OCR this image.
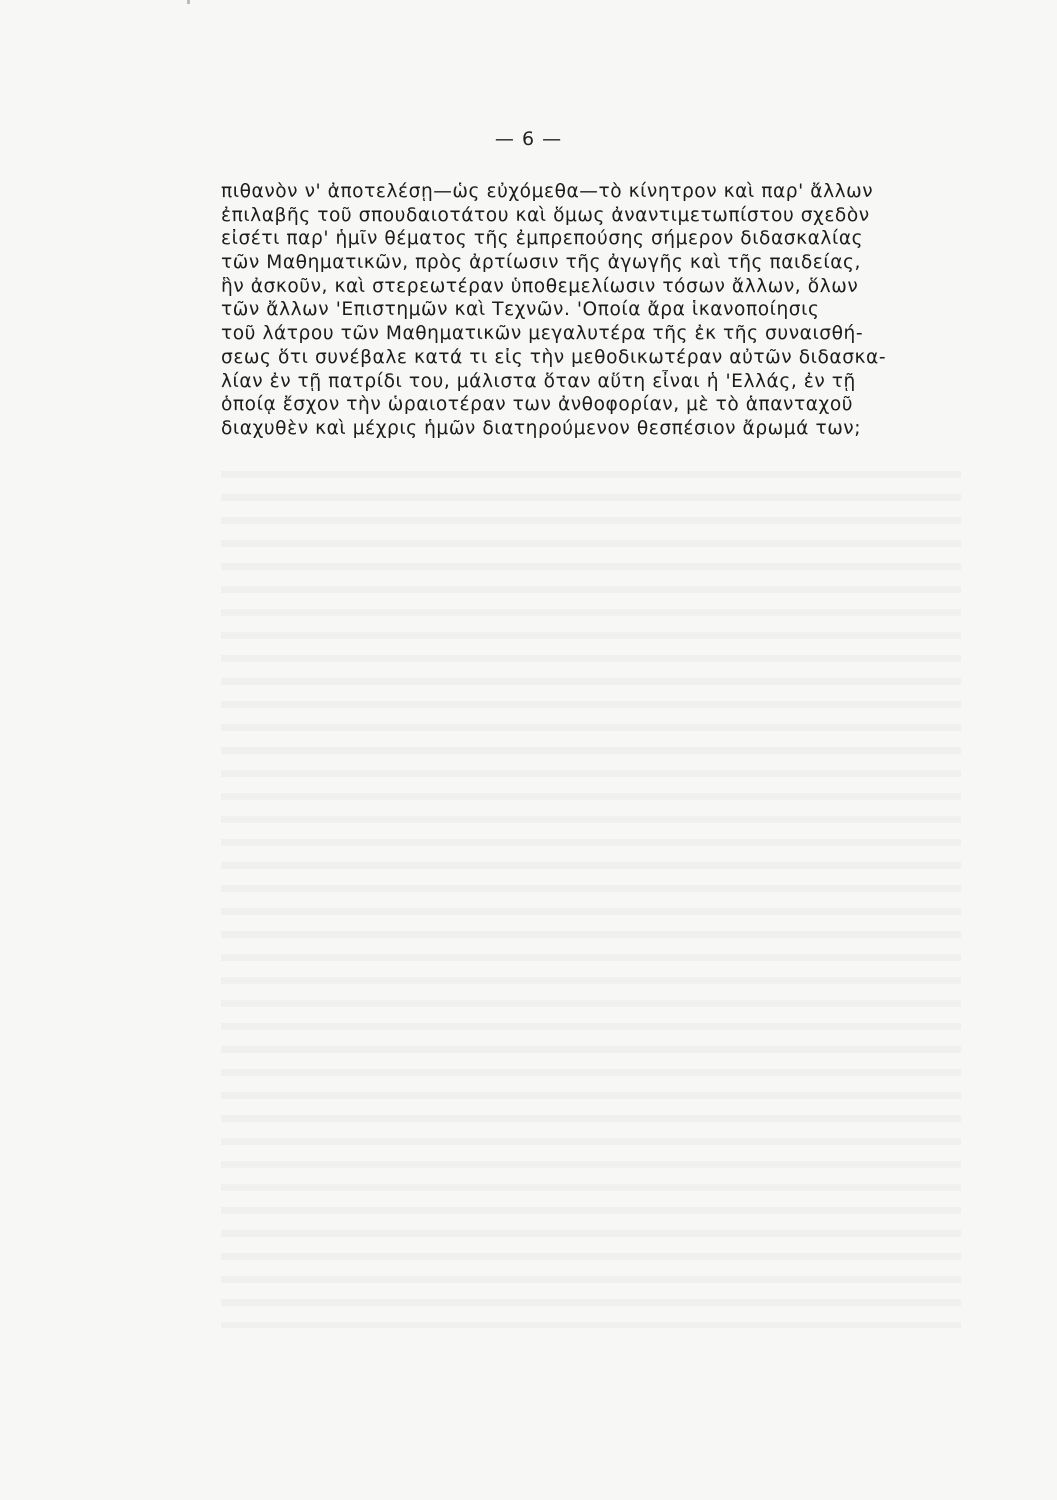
— 6 —
πιθανὸν ν' ἀποτελέσῃ—ὡς εὐχόμεθα—τὸ κίνητρον καὶ παρ' ἄλλων
ἐπιλαβῆς τοῦ σπουδαιοτάτου καὶ ὅμως ἀναντιμετωπίστου σχεδὸν
εἰσέτι παρ' ἡμῖν θέματος τῆς ἐμπρεπούσης σήμερον διδασκαλίας
τῶν Μαθηματικῶν, πρὸς ἀρτίωσιν τῆς ἀγωγῆς καὶ τῆς παιδείας,
ἣν ἀσκοῦν, καὶ στερεωτέραν ὑποθεμελίωσιν τόσων ἄλλων, ὅλων
τῶν ἄλλων 'Επιστημῶν καὶ Τεχνῶν. 'Οποία ἄρα ἱκανοποίησις
τοῦ λάτρου τῶν Μαθηματικῶν μεγαλυτέρα τῆς ἐκ τῆς συναισθή-
σεως ὅτι συνέβαλε κατά τι εἰς τὴν μεθοδικωτέραν αὐτῶν διδασκα-
λίαν ἐν τῇ πατρίδι του, μάλιστα ὅταν αὕτη εἶναι ἡ 'Ελλάς, ἐν τῇ
ὁποίᾳ ἔσχον τὴν ὡραιοτέραν των ἀνθοφορίαν, μὲ τὸ ἁπανταχοῦ
διαχυθὲν καὶ μέχρις ἡμῶν διατηρούμενον θεσπέσιον ἄρωμά των;
